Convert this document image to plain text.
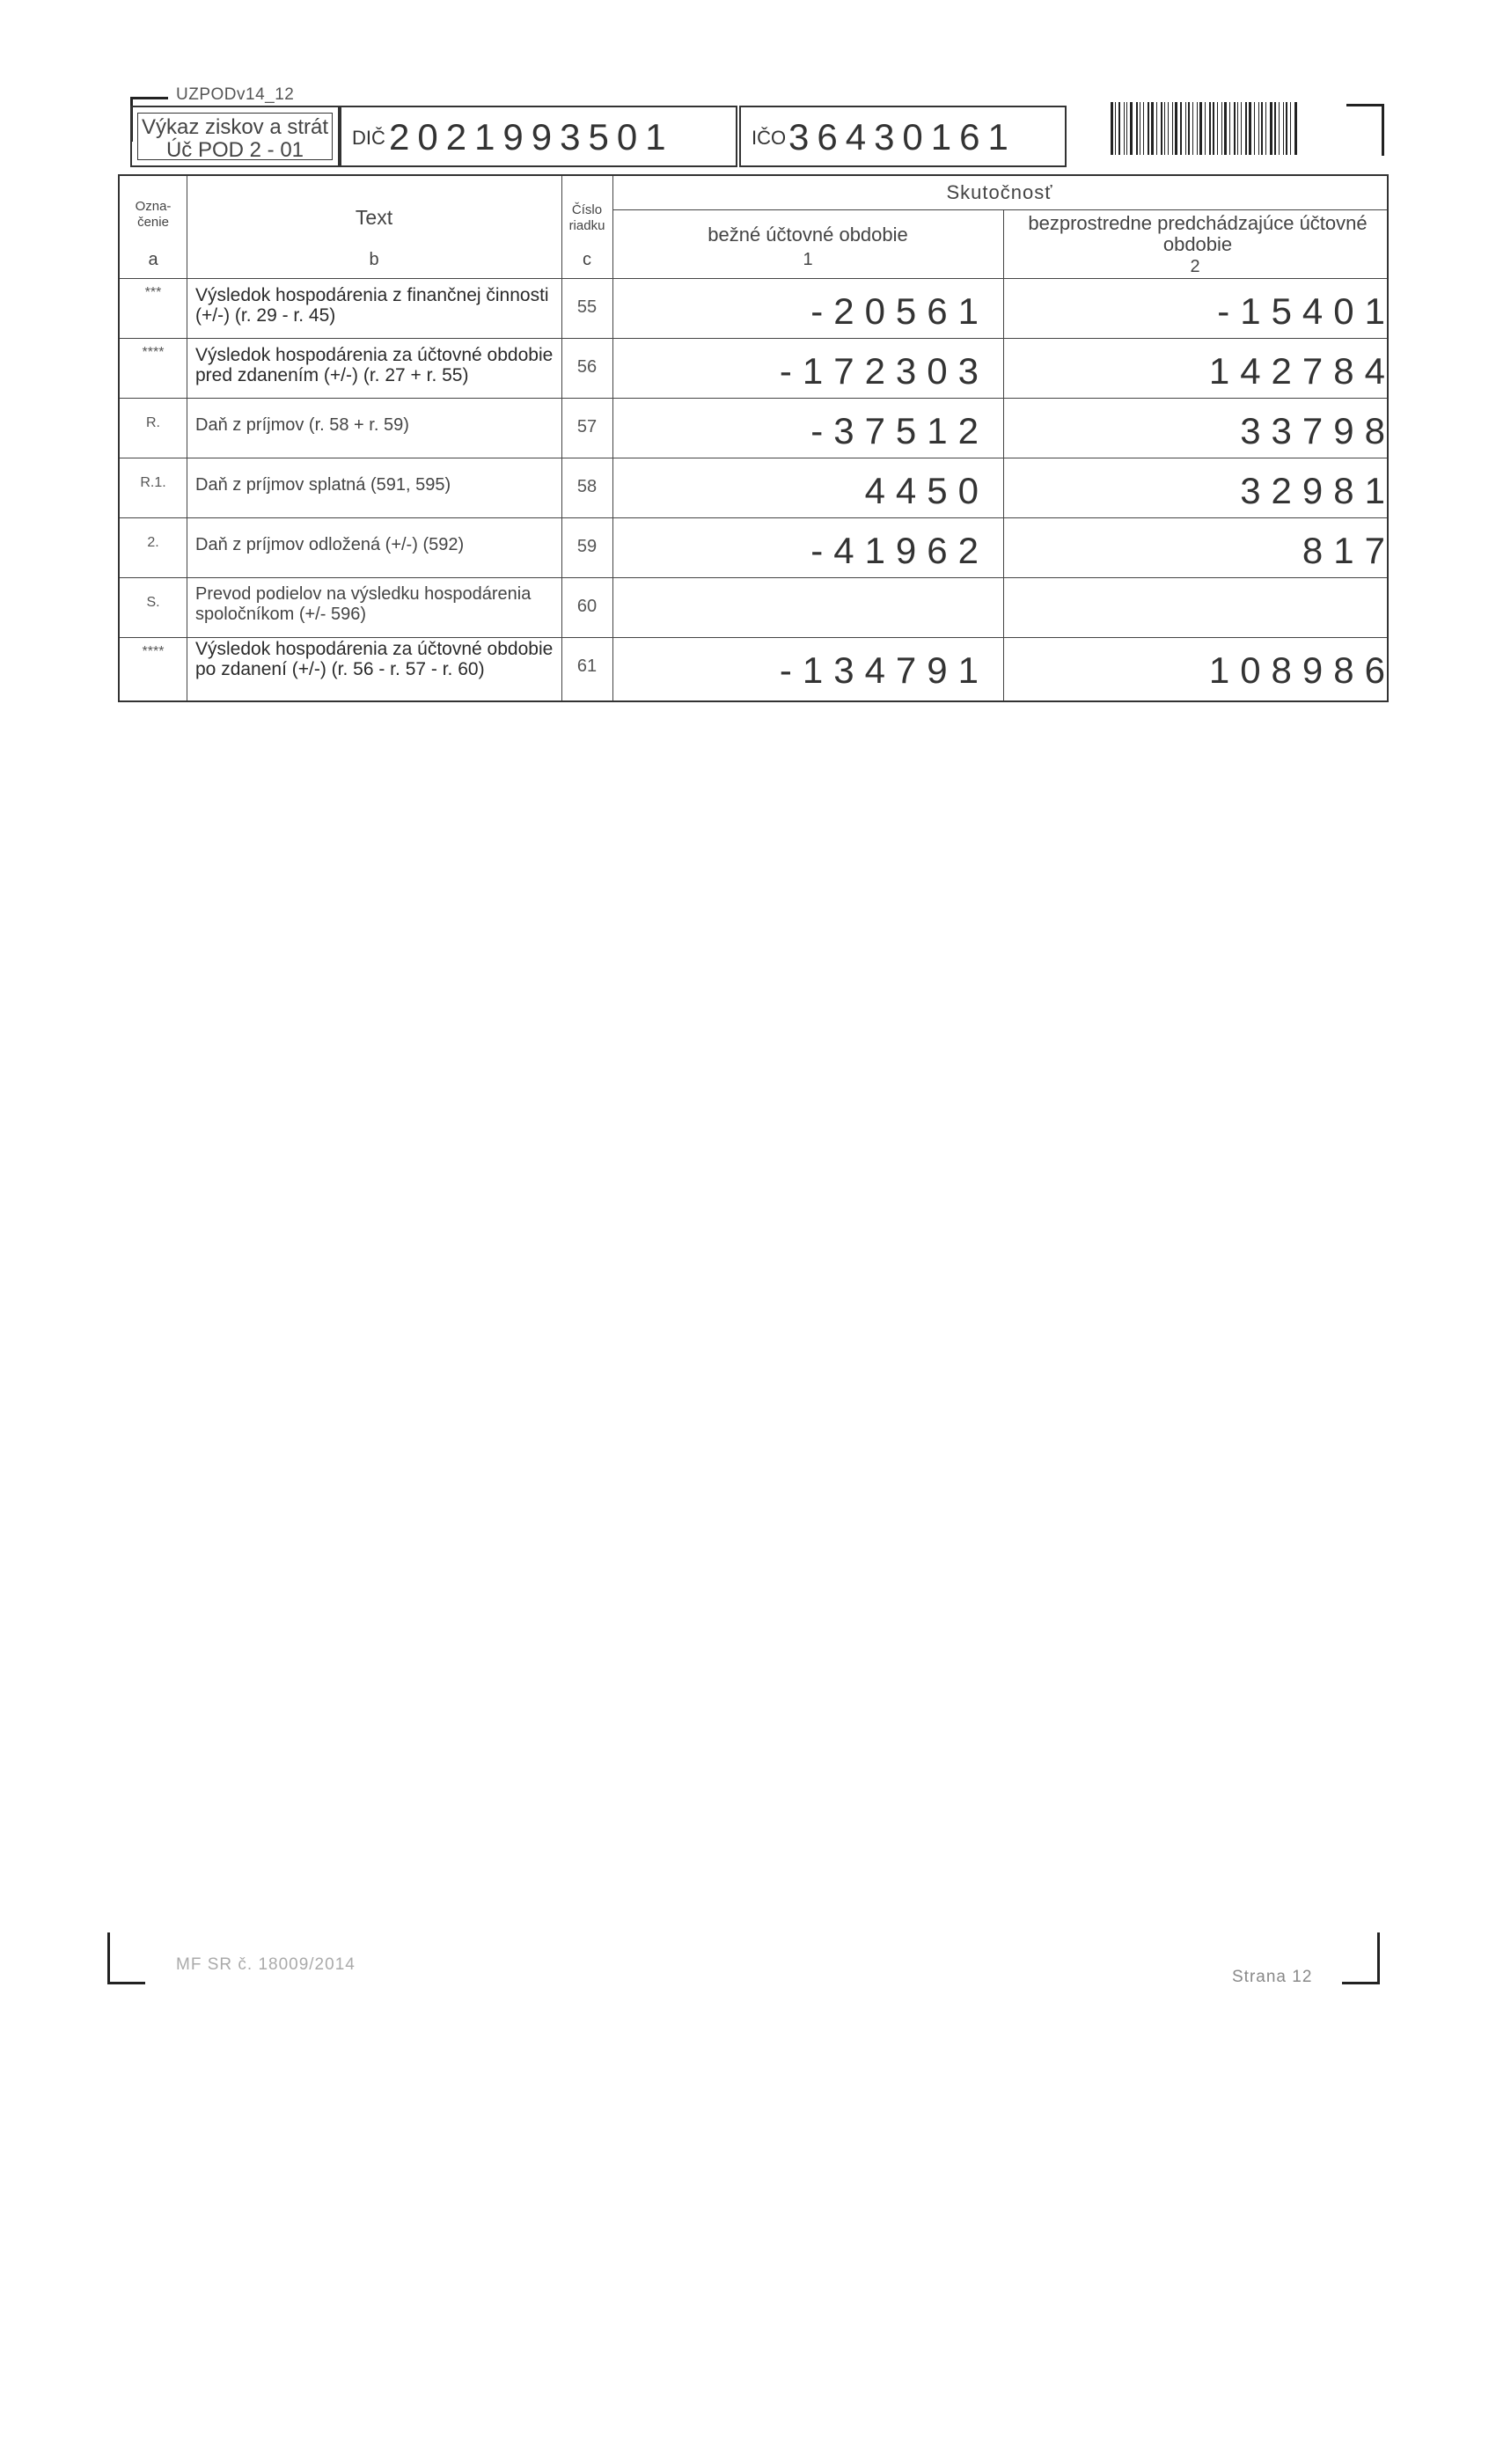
UZPODv14_12
Výkaz ziskov a strát
Úč POD 2 - 01
DIČ 2021993501	IČO 36430161
Ozna-
čenie
a
Text
b
Číslo
riadku
c
Skutočnosť
bežné účtovné obdobie
1
bezprostredne predchádzajúce účtovné obdobie
2
***	Výsledok hospodárenia z finančnej činnosti (+/-) (r. 29 - r. 45)	55	-20561	-15401
****	Výsledok hospodárenia za účtovné obdobie pred zdanením (+/-) (r. 27 + r. 55)	56	-172303	142784
R.	Daň z príjmov (r. 58 + r. 59)	57	-37512	33798
R.1.	Daň z príjmov splatná (591, 595)	58	4450	32981
2.	Daň z príjmov odložená (+/-) (592)	59	-41962	817
S.	Prevod podielov na výsledku hospodárenia spoločníkom (+/- 596)	60
****	Výsledok hospodárenia za účtovné obdobie po zdanení (+/-) (r. 56 - r. 57 - r. 60)	61	-134791	108986
MF SR č. 18009/2014
Strana 12
